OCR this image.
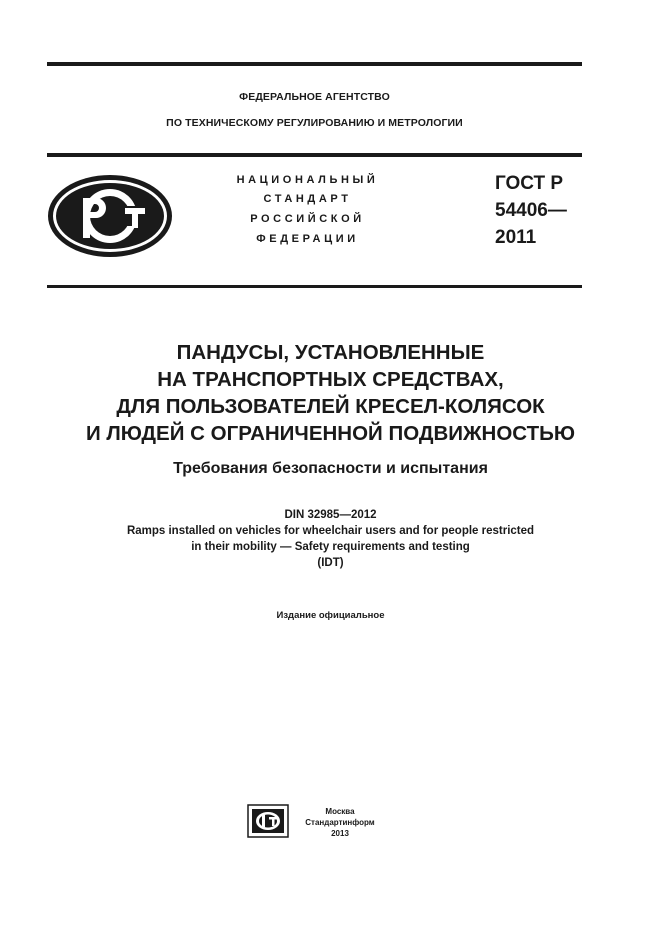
ФЕДЕРАЛЬНОЕ АГЕНТСТВО
ПО ТЕХНИЧЕСКОМУ РЕГУЛИРОВАНИЮ И МЕТРОЛОГИИ
НАЦИОНАЛЬНЫЙ
СТАНДАРТ
РОССИЙСКОЙ
ФЕДЕРАЦИИ
ГОСТ Р
54406—
2011
ПАНДУСЫ, УСТАНОВЛЕННЫЕ
НА ТРАНСПОРТНЫХ СРЕДСТВАХ,
ДЛЯ ПОЛЬЗОВАТЕЛЕЙ КРЕСЕЛ-КОЛЯСОК
И ЛЮДЕЙ С ОГРАНИЧЕННОЙ ПОДВИЖНОСТЬЮ
Требования безопасности и испытания
DIN 32985—2012
Ramps installed on vehicles for wheelchair users and for people restricted
in their mobility — Safety requirements and testing
(IDT)
Издание официальное
Москва
Стандартинформ
2013
